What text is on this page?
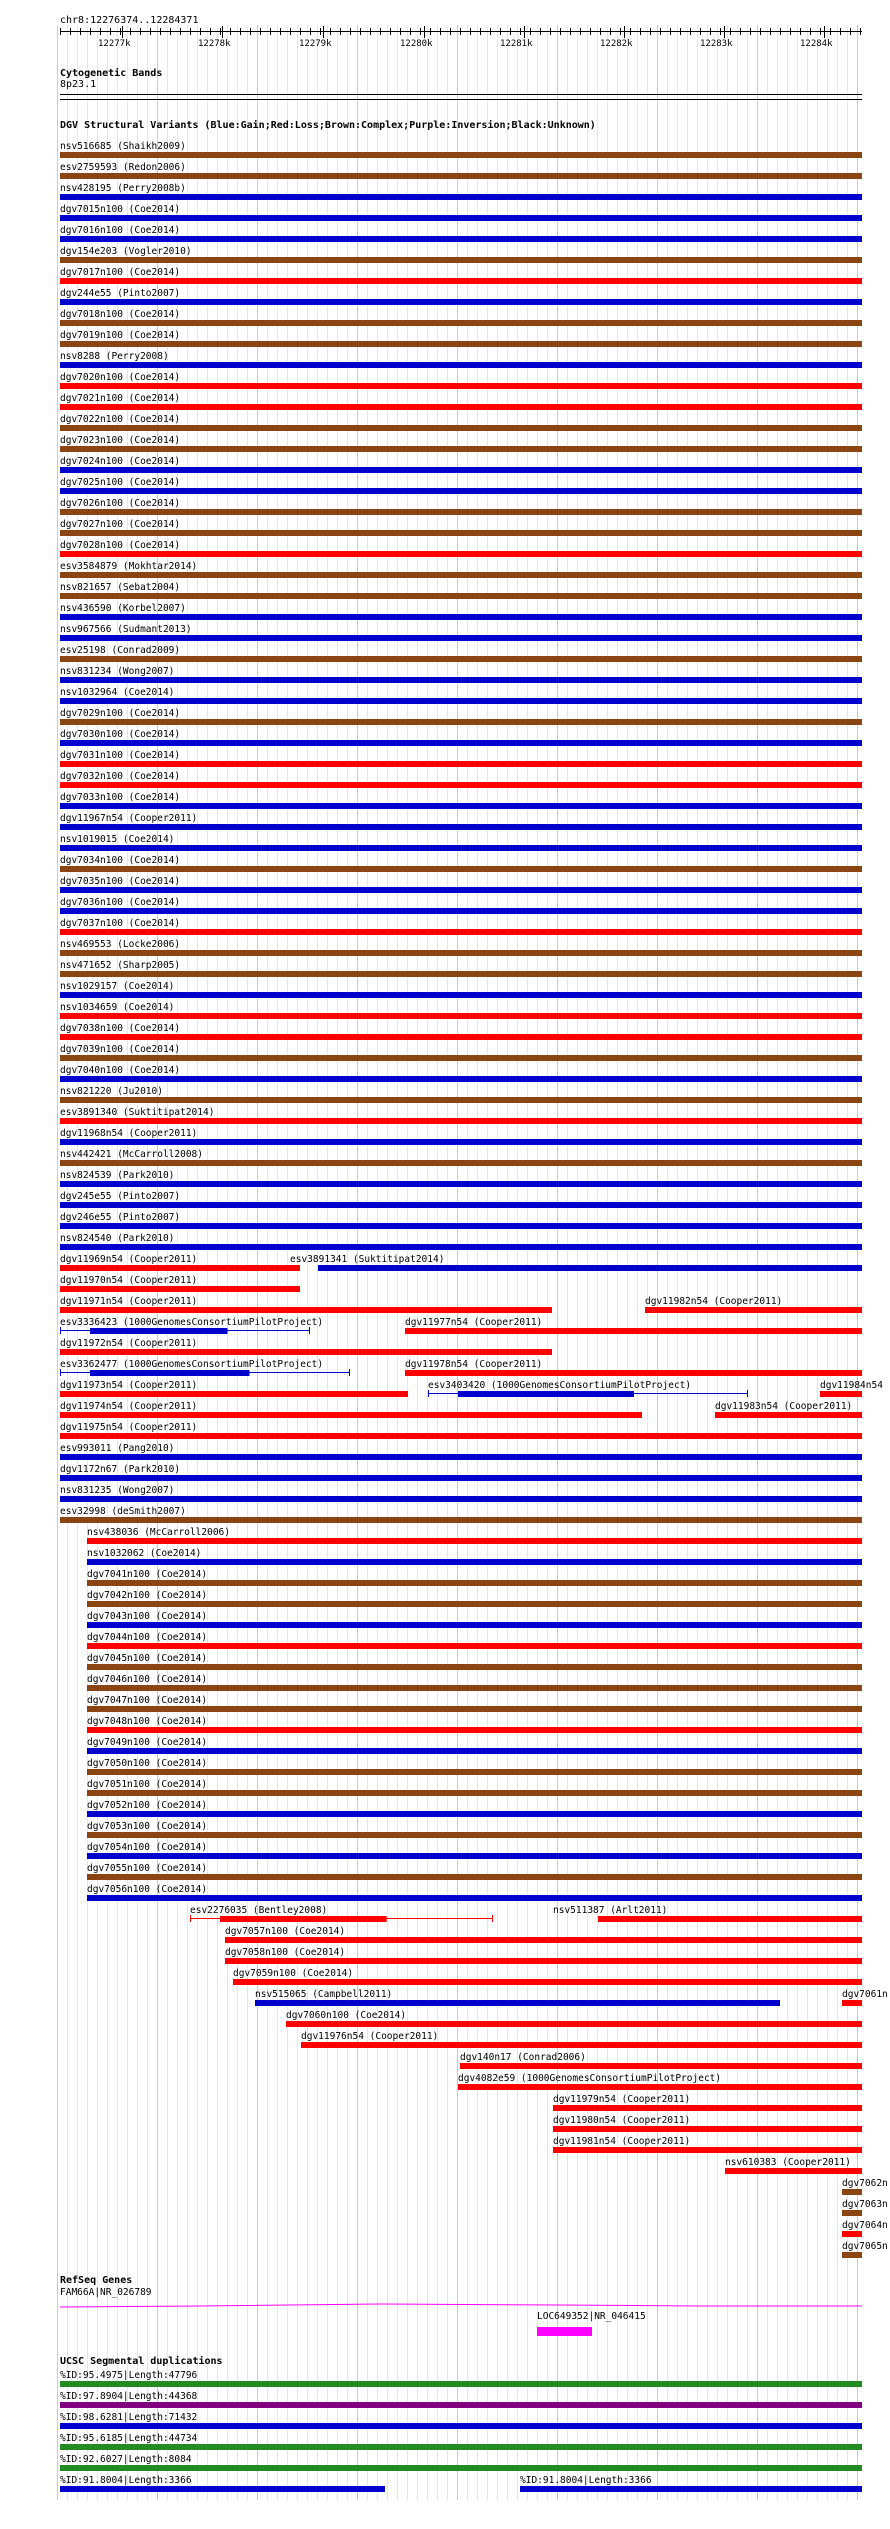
chr8:12276374..12284371
12277k	12278k	12279k	12280k	12281k	12282k	12283k	12284k
Cytogenetic Bands
8p23.1
DGV Structural Variants (Blue:Gain;Red:Loss;Brown:Complex;Purple:Inversion;Black:Unknown)
nsv516685 (Shaikh2009)
esv2759593 (Redon2006)
nsv428195 (Perry2008b)
dgv7015n100 (Coe2014)
dgv7016n100 (Coe2014)
dgv154e203 (Vogler2010)
dgv7017n100 (Coe2014)
dgv244e55 (Pinto2007)
dgv7018n100 (Coe2014)
dgv7019n100 (Coe2014)
nsv8288 (Perry2008)
dgv7020n100 (Coe2014)
dgv7021n100 (Coe2014)
dgv7022n100 (Coe2014)
dgv7023n100 (Coe2014)
dgv7024n100 (Coe2014)
dgv7025n100 (Coe2014)
dgv7026n100 (Coe2014)
dgv7027n100 (Coe2014)
dgv7028n100 (Coe2014)
esv3584879 (Mokhtar2014)
nsv821657 (Sebat2004)
nsv436590 (Korbel2007)
nsv967566 (Sudmant2013)
esv25198 (Conrad2009)
nsv831234 (Wong2007)
nsv1032964 (Coe2014)
dgv7029n100 (Coe2014)
dgv7030n100 (Coe2014)
dgv7031n100 (Coe2014)
dgv7032n100 (Coe2014)
dgv7033n100 (Coe2014)
dgv11967n54 (Cooper2011)
nsv1019015 (Coe2014)
dgv7034n100 (Coe2014)
dgv7035n100 (Coe2014)
dgv7036n100 (Coe2014)
dgv7037n100 (Coe2014)
nsv469553 (Locke2006)
nsv471652 (Sharp2005)
nsv1029157 (Coe2014)
nsv1034659 (Coe2014)
dgv7038n100 (Coe2014)
dgv7039n100 (Coe2014)
dgv7040n100 (Coe2014)
nsv821220 (Ju2010)
esv3891340 (Suktitipat2014)
dgv11968n54 (Cooper2011)
nsv442421 (McCarroll2008)
nsv824539 (Park2010)
dgv245e55 (Pinto2007)
dgv246e55 (Pinto2007)
nsv824540 (Park2010)
dgv11969n54 (Cooper2011)	esv3891341 (Suktitipat2014)
dgv11970n54 (Cooper2011)
dgv11971n54 (Cooper2011)	dgv11982n54 (Cooper2011)
esv3336423 (1000GenomesConsortiumPilotProject)	dgv11977n54 (Cooper2011)
dgv11972n54 (Cooper2011)
esv3362477 (1000GenomesConsortiumPilotProject)	dgv11978n54 (Cooper2011)
dgv11973n54 (Cooper2011)	esv3403420 (1000GenomesConsortiumPilotProject)	dgv11984n54
dgv11974n54 (Cooper2011)	dgv11983n54 (Cooper2011)
dgv11975n54 (Cooper2011)
esv993011 (Pang2010)
dgv1172n67 (Park2010)
nsv831235 (Wong2007)
esv32998 (deSmith2007)
nsv438036 (McCarroll2006)
nsv1032062 (Coe2014)
dgv7041n100 (Coe2014)
dgv7042n100 (Coe2014)
dgv7043n100 (Coe2014)
dgv7044n100 (Coe2014)
dgv7045n100 (Coe2014)
dgv7046n100 (Coe2014)
dgv7047n100 (Coe2014)
dgv7048n100 (Coe2014)
dgv7049n100 (Coe2014)
dgv7050n100 (Coe2014)
dgv7051n100 (Coe2014)
dgv7052n100 (Coe2014)
dgv7053n100 (Coe2014)
dgv7054n100 (Coe2014)
dgv7055n100 (Coe2014)
dgv7056n100 (Coe2014)
esv2276035 (Bentley2008)	nsv511387 (Arlt2011)
dgv7057n100 (Coe2014)
dgv7058n100 (Coe2014)
dgv7059n100 (Coe2014)
nsv515065 (Campbell2011)	dgv7061n
dgv7060n100 (Coe2014)
dgv11976n54 (Cooper2011)
dgv140n17 (Conrad2006)
dgv4082e59 (1000GenomesConsortiumPilotProject)
dgv11979n54 (Cooper2011)
dgv11980n54 (Cooper2011)
dgv11981n54 (Cooper2011)
nsv610383 (Cooper2011)
dgv7062n
dgv7063n
dgv7064n
dgv7065n
RefSeq Genes
FAM66A|NR_026789
LOC649352|NR_046415
UCSC Segmental duplications
%ID:95.4975|Length:47796
%ID:97.8904|Length:44368
%ID:98.6281|Length:71432
%ID:95.6185|Length:44734
%ID:92.6027|Length:8084
%ID:91.8004|Length:3366	%ID:91.8004|Length:3366
